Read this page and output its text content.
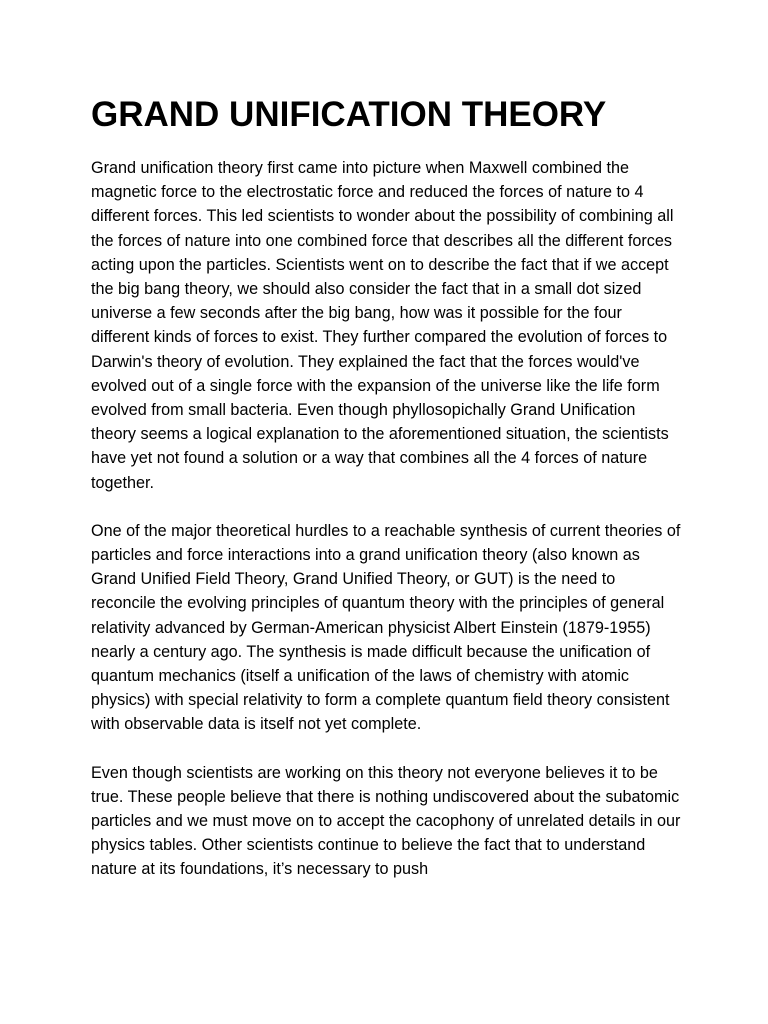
GRAND UNIFICATION THEORY

Grand unification theory first came into picture when Maxwell combined the magnetic force to the electrostatic force and reduced the forces of nature to 4 different forces. This led scientists to wonder about the possibility of combining all the forces of nature into one combined force that describes all the different forces acting upon the particles. Scientists went on to describe the fact that if we accept the big bang theory, we should also consider the fact that in a small dot sized universe a few seconds after the big bang, how was it possible for the four different kinds of forces to exist. They further compared the evolution of forces to Darwin's theory of evolution. They explained the fact that the forces would've evolved out of a single force with the expansion of the universe like the life form evolved from small bacteria. Even though phyllosopichally Grand Unification theory seems a logical explanation to the aforementioned situation, the scientists have yet not found a solution or a way that combines all the 4 forces of nature together.

One of the major theoretical hurdles to a reachable synthesis of current theories of particles and force interactions into a grand unification theory (also known as Grand Unified Field Theory, Grand Unified Theory, or GUT) is the need to reconcile the evolving principles of quantum theory with the principles of general relativity advanced by German-American physicist Albert Einstein (1879-1955) nearly a century ago. The synthesis is made difficult because the unification of quantum mechanics (itself a unification of the laws of chemistry with atomic physics) with special relativity to form a complete quantum field theory consistent with observable data is itself not yet complete.

Even though scientists are working on this theory not everyone believes it to be true. These people believe that there is nothing undiscovered about the subatomic particles and we must move on to accept the cacophony of unrelated details in our physics tables. Other scientists continue to believe the fact that to understand nature at its foundations, it’s necessary to push
